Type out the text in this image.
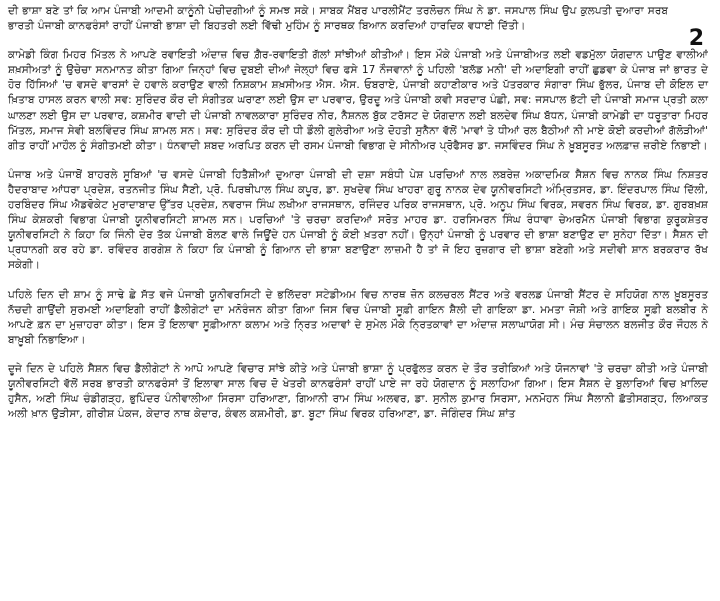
2

ਦੀ ਭਾਸ਼ਾ ਬਣੇ ਤਾਂ ਕਿ ਆਮ ਪੰਜਾਬੀ ਆਦਮੀ ਕਾਨੂੰਨੀ ਪੇਚੀਦਗੀਆਂ ਨੂੰ ਸਮਝ ਸਕੇ। ਸਾਬਕ ਮੈਂਬਰ ਪਾਰਲੀਮੈਂਟ ਤਰਲੋਚਨ ਸਿੰਘ ਨੇ ਡਾ. ਜਸਪਾਲ ਸਿੰਘ ਉਪ ਕੁਲਪਤੀ ਦੁਆਰਾ ਸਰਬ ਭਾਰਤੀ ਪੰਜਾਬੀ ਕਾਨਫਰੰਸਾਂ ਰਾਹੀਂ ਪੰਜਾਬੀ ਭਾਸ਼ਾ ਦੀ ਬਿਹਤਰੀ ਲਈ ਵਿੱਢੀ ਮੁਹਿੰਮ ਨੂੰ ਸਾਰਥਕ ਬਿਆਨ ਕਰਦਿਆਂ ਹਾਰਦਿਕ ਵਧਾਈ ਦਿੱਤੀ।

ਕਾਮੇਡੀ ਕਿੰਗ ਮਿਹਰ ਮਿੱਤਲ ਨੇ ਆਪਣੇ ਰਵਾਇਤੀ ਅੰਦਾਜ਼ ਵਿਚ ਗ਼ੈਰ-ਰਵਾਇਤੀ ਗੱਲਾਂ ਸਾਂਝੀਆਂ ਕੀਤੀਆਂ। ਇਸ ਮੌਕੇ ਪੰਜਾਬੀ ਅਤੇ ਪੰਜਾਬੀਅਤ ਲਈ ਵਡਮੁੱਲਾ ਯੋਗਦਾਨ ਪਾਉਣ ਵਾਲੀਆਂ ਸ਼ਖ਼ਸੀਅਤਾਂ ਨੂੰ ਉਚੇਚਾ ਸਨਮਾਨਤ ਕੀਤਾ ਗਿਆ ਜਿਨ੍ਹਾਂ ਵਿਚ ਦੁਬਈ ਦੀਆਂ ਜੇਲ੍ਹਾਂ ਵਿਚ ਫਸੇ 17 ਨੌਜਵਾਨਾਂ ਨੂੰ ਪਹਿਲੀ 'ਬਲੱਡ ਮਨੀ' ਦੀ ਅਦਾਇਗੀ ਰਾਹੀਂ ਛੁਡਵਾ ਕੇ ਪੰਜਾਬ ਜਾਂ ਭਾਰਤ ਦੇ ਹੋਰ ਹਿੱਸਿਆਂ 'ਚ ਵਸਦੇ ਵਾਰਸਾਂ ਦੇ ਹਵਾਲੇ ਕਰਾਉਣ ਵਾਲੀ ਨਿਸ਼ਕਾਮ ਸ਼ਖ਼ਸੀਅਤ ਐਸ. ਐਸ. ਓਬਰਾਏ, ਪੰਜਾਬੀ ਕਹਾਣੀਕਾਰ ਅਤੇ ਪੱਤਰਕਾਰ ਸੰਗਾਰਾ ਸਿੰਘ ਭੁੱਲਰ, ਪੰਜਾਬ ਦੀ ਕੋਇਲ ਦਾ ਖ਼ਿਤਾਬ ਹਾਸਲ ਕਰਨ ਵਾਲੀ ਸਵ: ਸੁਰਿੰਦਰ ਕੌਰ ਦੀ ਸੰਗੀਤਕ ਘਰਾਣਾ ਲਈ ਉਸ ਦਾ ਪਰਵਾਰ, ਉਰਦੂ ਅਤੇ ਪੰਜਾਬੀ ਕਵੀ ਸਰਦਾਰ ਪੰਛੀ, ਸਵ: ਜਸਪਾਲ ਭੱਟੀ ਦੀ ਪੰਜਾਬੀ ਸਮਾਜ ਪ੍ਰਤੀ ਕਲਾ ਘਾਲਣਾ ਲਈ ਉਸ ਦਾ ਪਰਵਾਰ, ਕਸ਼ਮੀਰ ਵਾਦੀ ਦੀ ਪੰਜਾਬੀ ਨਾਵਲਕਾਰਾ ਸੁਰਿੰਦਰ ਨੀਰ, ਨੈਸ਼ਨਲ ਬੁੱਕ ਟਰੱਸਟ ਦੇ ਯੋਗਦਾਨ ਲਈ ਬਲਦੇਵ ਸਿੰਘ ਬੱਧਨ, ਪੰਜਾਬੀ ਕਾਮੇਡੀ ਦਾ ਧਰੂਤਾਰਾ ਮਿਹਰ ਮਿੱਤਲ, ਸਮਾਜ ਸੇਵੀ ਬਲਵਿੰਦਰ ਸਿੰਘ ਸ਼ਾਮਲ ਸਨ। ਸਵ: ਸੁਰਿੰਦਰ ਕੌਰ ਦੀ ਧੀ ਡੌਲੀ ਗੁਲੇਰੀਆ ਅਤੇ ਦੋਹਤੀ ਸੁਨੈਨਾ ਵੱਲੋਂ 'ਮਾਵਾਂ ਤੇ ਧੀਆਂ ਰਲ ਬੈਠੀਆਂ ਨੀ ਮਾਏ ਕੋਈ ਕਰਦੀਆਂ ਗੱਲੋੜੀਆਂ' ਗੀਤ ਰਾਹੀਂ ਮਾਹੌਲ ਨੂੰ ਸੰਗੀਤਮਈ ਕੀਤਾ। ਧੰਨਵਾਦੀ ਸ਼ਬਦ ਅਰਪਿਤ ਕਰਨ ਦੀ ਰਸਮ ਪੰਜਾਬੀ ਵਿਭਾਗ ਦੇ ਸੀਨੀਅਰ ਪ੍ਰੋਫੈਸਰ ਡਾ. ਜਸਵਿੰਦਰ ਸਿੰਘ ਨੇ ਖ਼ੂਬਸੂਰਤ ਅਲਫ਼ਾਜ਼ ਜ਼ਰੀਏ ਨਿਭਾਈ।

ਪੰਜਾਬ ਅਤੇ ਪੰਜਾਬੋਂ ਬਾਹਰਲੇ ਸੂਬਿਆਂ 'ਚ ਵਸਦੇ ਪੰਜਾਬੀ ਹਿਤੈਸ਼ੀਆਂ ਦੁਆਰਾ ਪੰਜਾਬੀ ਦੀ ਦਸ਼ਾ ਸਬੰਧੀ ਪੇਸ਼ ਪਰਚਿਆਂ ਨਾਲ ਲਬਰੇਜ਼ ਅਕਾਦਮਿਕ ਸੈਸ਼ਨ ਵਿਚ ਨਾਨਕ ਸਿੰਘ ਨਿਸ਼ਤਰ ਹੈਦਰਾਬਾਦ ਆਂਧਰਾ ਪ੍ਰਦੇਸ਼, ਰਤਨਜੀਤ ਸਿੰਘ ਸੈਣੀ, ਪ੍ਰੋ. ਪਿਰਥੀਪਾਲ ਸਿੰਘ ਕਪੂਰ, ਡਾ. ਸੁਖਦੇਵ ਸਿੰਘ ਖਾਹਰਾ ਗੁਰੂ ਨਾਨਕ ਦੇਵ ਯੂਨੀਵਰਸਿਟੀ ਅੰਮ੍ਰਿਤਸਰ, ਡਾ. ਇੰਦਰਪਾਲ ਸਿੰਘ ਦਿੱਲੀ, ਹਰਬਿੰਦਰ ਸਿੰਘ ਐਡਵੋਕੇਟ ਮੁਰਾਦਾਬਾਦ ਉੱਤਰ ਪ੍ਰਦੇਸ਼, ਨਵਰਾਜ ਸਿੰਘ ਲਖੀਆ ਰਾਜਸਥਾਨ, ਰਜਿੰਦਰ ਪਰਿਕ ਰਾਜਸਥਾਨ, ਪ੍ਰੋ. ਅਨੂਪ ਸਿੰਘ ਵਿਰਕ, ਸਵਰਨ ਸਿੰਘ ਵਿਰਕ, ਡਾ. ਗੁਰਬਖ਼ਸ਼ ਸਿੰਘ ਕੇਸ਼ਕਰੀ ਵਿਭਾਗ ਪੰਜਾਬੀ ਯੂਨੀਵਰਸਿਟੀ ਸ਼ਾਮਲ ਸਨ। ਪਰਚਿਆਂ 'ਤੇ ਚਰਚਾ ਕਰਦਿਆਂ ਸਰੋਤ ਮਾਹਰ ਡਾ. ਹਰਸਿਮਰਨ ਸਿੰਘ ਰੰਧਾਵਾ ਚੇਅਰਮੈਨ ਪੰਜਾਬੀ ਵਿਭਾਗ ਕੁਰੂਕਸ਼ੇਤਰ ਯੂਨੀਵਰਸਿਟੀ ਨੇ ਕਿਹਾ ਕਿ ਜਿੰਨੀ ਦੇਰ ਤੱਕ ਪੰਜਾਬੀ ਬੋਲਣ ਵਾਲੇ ਜਿਊਂਦੇ ਹਨ ਪੰਜਾਬੀ ਨੂੰ ਕੋਈ ਖ਼ਤਰਾ ਨਹੀਂ। ਉਨ੍ਹਾਂ ਪੰਜਾਬੀ ਨੂੰ ਪਰਵਾਰ ਦੀ ਭਾਸ਼ਾ ਬਣਾਉਣ ਦਾ ਸੁਨੇਹਾ ਦਿੱਤਾ। ਸੈਸ਼ਨ ਦੀ ਪ੍ਰਧਾਨਗੀ ਕਰ ਰਹੇ ਡਾ. ਰਵਿੰਦਰ ਗਰਗੇਸ਼ ਨੇ ਕਿਹਾ ਕਿ ਪੰਜਾਬੀ ਨੂੰ ਗਿਆਨ ਦੀ ਭਾਸ਼ਾ ਬਣਾਉਣਾ ਲਾਜ਼ਮੀ ਹੈ ਤਾਂ ਜੋ ਇਹ ਰੁਜ਼ਗਾਰ ਦੀ ਭਾਸ਼ਾ ਬਣੇਗੀ ਅਤੇ ਸਦੀਵੀ ਸ਼ਾਨ ਬਰਕਰਾਰ ਰੱਖ ਸਕੇਗੀ।

ਪਹਿਲੇ ਦਿਨ ਦੀ ਸ਼ਾਮ ਨੂੰ ਸਾਢੇ ਛੇ ਸੱਤ ਵਜੇ ਪੰਜਾਬੀ ਯੂਨੀਵਰਸਿਟੀ ਦੇ ਭਲਿੱਦਰਾ ਸਟੇਡੀਅਮ ਵਿਚ ਨਾਰਥ ਜ਼ੋਨ ਕਲਚਰਲ ਸੈਂਟਰ ਅਤੇ ਵਰਲਡ ਪੰਜਾਬੀ ਸੈਂਟਰ ਦੇ ਸਹਿਯੋਗ ਨਾਲ ਖ਼ੂਬਸੂਰਤ ਨੱਚਦੀ ਗਾਉਂਦੀ ਸੁਰਮਈ ਅਦਾਇਗੀ ਰਾਹੀਂ ਡੈਲੀਗੇਟਾਂ ਦਾ ਮਨੋਰੰਜਨ ਕੀਤਾ ਗਿਆ ਜਿਸ ਵਿਚ ਪੰਜਾਬੀ ਸੂਫ਼ੀ ਗਾਇਨ ਸ਼ੈਲੀ ਦੀ ਗਾਇਕਾ ਡਾ. ਮਮਤਾ ਜੋਸ਼ੀ ਅਤੇ ਗਾਇਕ ਸੂਫ਼ੀ ਬਲਬੀਰ ਨੇ ਆਪਣੇ ਫ਼ਨ ਦਾ ਮੁਜ਼ਾਹਰਾ ਕੀਤਾ। ਇਸ ਤੋਂ ਇਲਾਵਾ ਸੂਫ਼ੀਆਨਾ ਕਲਾਮ ਅਤੇ ਨ੍ਰਿਤ ਅਦਾਵਾਂ ਦੇ ਸੁਮੇਲ ਮੌਕੇ ਨ੍ਰਿਤਕਾਵਾਂ ਦਾ ਅੰਦਾਜ਼ ਸਲਾਘਾਯੋਗ ਸੀ। ਮੰਚ ਸੰਚਾਲਨ ਬਲਜੀਤ ਕੌਰ ਜੌਹਲ ਨੇ ਬਾਖ਼ੂਬੀ ਨਿਭਾਇਆ।

ਦੂਜੇ ਦਿਨ ਦੇ ਪਹਿਲੇ ਸੈਸ਼ਨ ਵਿਚ ਡੈਲੀਗੇਟਾਂ ਨੇ ਆਪੋ ਆਪਣੇ ਵਿਚਾਰ ਸਾਂਝੇ ਕੀਤੇ ਅਤੇ ਪੰਜਾਬੀ ਭਾਸ਼ਾ ਨੂੰ ਪ੍ਰਫੁੱਲਤ ਕਰਨ ਦੇ ਤੌਰ ਤਰੀਕਿਆਂ ਅਤੇ ਯੋਜਨਾਵਾਂ 'ਤੇ ਚਰਚਾ ਕੀਤੀ ਅਤੇ ਪੰਜਾਬੀ ਯੂਨੀਵਰਸਿਟੀ ਵੱਲੋਂ ਸਰਬ ਭਾਰਤੀ ਕਾਨਫਰੰਸਾਂ ਤੋਂ ਇਲਾਵਾ ਸਾਲ ਵਿਚ ਦੋ ਖੇਤਰੀ ਕਾਨਫਰੰਸਾਂ ਰਾਹੀਂ ਪਾਏ ਜਾ ਰਹੇ ਯੋਗਦਾਨ ਨੂੰ ਸਲਾਹਿਆ ਗਿਆ। ਇਸ ਸੈਸ਼ਨ ਦੇ ਬੁਲਾਰਿਆਂ ਵਿਚ ਖ਼ਾਲਿਦ ਹੁਸੈਨ, ਅਣੀ ਸਿੰਘ ਚੰਡੀਗੜ੍ਹ, ਭੁਪਿੰਦਰ ਪੰਨੀਵਾਲੀਆ ਸਿਰਸਾ ਹਰਿਆਣਾ, ਗਿਆਨੀ ਰਾਮ ਸਿੰਘ ਅਲਵਰ, ਡਾ. ਸੁਨੀਲ ਕੁਮਾਰ ਸਿਰਸਾ, ਮਨਮੋਹਨ ਸਿੰਘ ਸੈਲਾਨੀ ਛੱਤੀਸਗੜ੍ਹ, ਲਿਆਕਤ ਅਲੀ ਖ਼ਾਨ ਉੜੀਸਾ, ਗੀਰੀਸ਼ ਪੰਕਜ, ਕੇਦਾਰ ਨਾਥ ਕੇਦਾਰ, ਕੰਵਲ ਕਸ਼ਮੀਰੀ, ਡਾ. ਬੂਟਾ ਸਿੰਘ ਵਿਰਕ ਹਰਿਆਣਾ, ਡਾ. ਜੋਗਿੰਦਰ ਸਿੰਘ ਸ਼ਾਂਤ
